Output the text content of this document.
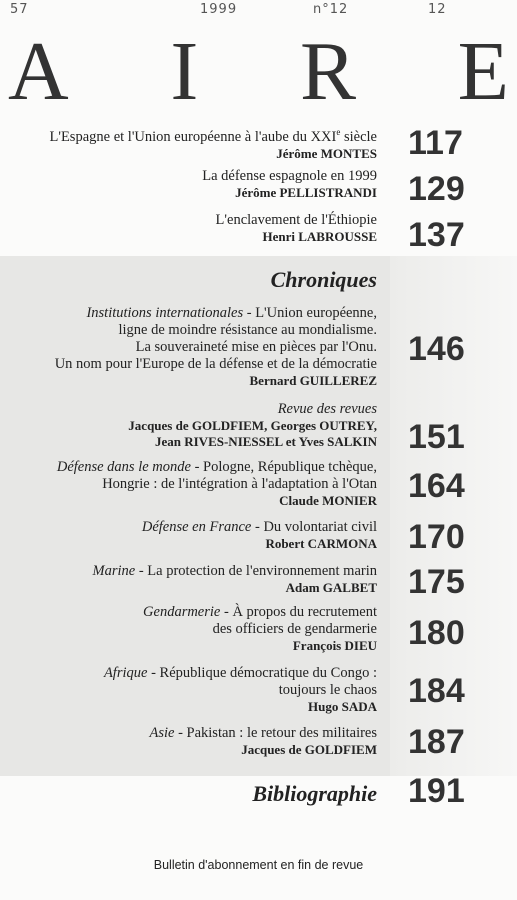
57	1999	n°12	12
A I R E
L'Espagne et l'Union européenne à l'aube du XXIe siècle
Jérôme MONTES 117
La défense espagnole en 1999
Jérôme PELLISTRANDI 129
L'enclavement de l'Éthiopie
Henri LABROUSSE 137
Chroniques
Institutions internationales - L'Union européenne,
ligne de moindre résistance au mondialisme.
La souveraineté mise en pièces par l'Onu.
Un nom pour l'Europe de la défense et de la démocratie
Bernard GUILLEREZ
146
Revue des revues
Jacques de GOLDFIEM, Georges OUTREY,
Jean RIVES-NIESSEL et Yves SALKIN 151
Défense dans le monde - Pologne, République tchèque,
Hongrie : de l'intégration à l'adaptation à l'Otan
Claude MONIER 164
Défense en France - Du volontariat civil
Robert CARMONA 170
Marine - La protection de l'environnement marin
Adam GALBET 175
Gendarmerie - À propos du recrutement
des officiers de gendarmerie
François DIEU 180
Afrique - République démocratique du Congo :
toujours le chaos
Hugo SADA 184
Asie - Pakistan : le retour des militaires
Jacques de GOLDFIEM 187
Bibliographie 191
Bulletin d'abonnement en fin de revue
